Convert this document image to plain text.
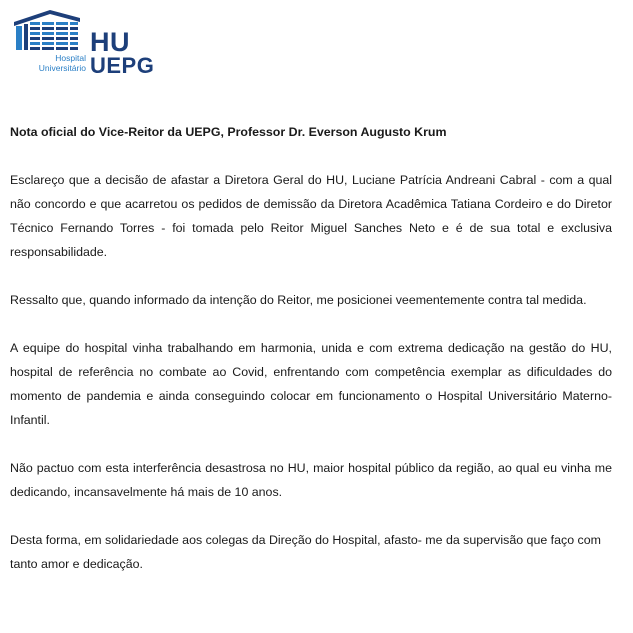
Hospital
Universitário
HU
UEPG
Nota oficial do Vice-Reitor da UEPG, Professor Dr. Everson Augusto Krum

Esclareço que a decisão de afastar a Diretora Geral do HU, Luciane Patrícia Andreani Cabral - com a qual não concordo e que acarretou os pedidos de demissão da Diretora Acadêmica Tatiana Cordeiro e do Diretor Técnico Fernando Torres - foi tomada pelo Reitor Miguel Sanches Neto e é de sua total e exclusiva responsabilidade.

Ressalto que, quando informado da intenção do Reitor, me posicionei veementemente contra tal medida.

A equipe do hospital vinha trabalhando em harmonia, unida e com extrema dedicação na gestão do HU, hospital de referência no combate ao Covid, enfrentando com competência exemplar as dificuldades do momento de pandemia e ainda conseguindo colocar em funcionamento o Hospital Universitário Materno-Infantil.

Não pactuo com esta interferência desastrosa no HU, maior hospital público da região, ao qual eu vinha me dedicando, incansavelmente há mais de 10 anos.

Desta forma, em solidariedade aos colegas da Direção do Hospital, afasto- me da supervisão que faço com tanto amor e dedicação.
